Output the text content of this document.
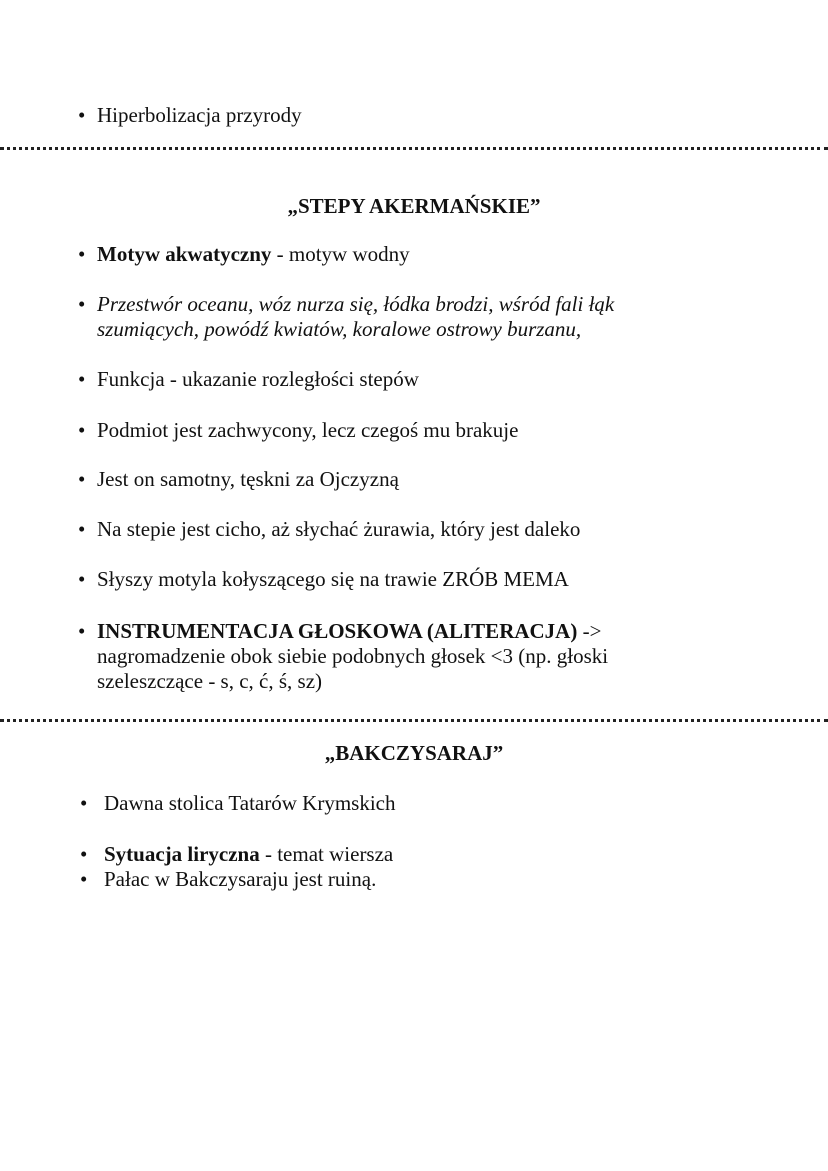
Hiperbolizacja przyrody
„STEPY AKERMAŃSKIE”
Motyw akwatyczny - motyw wodny
Przestwór oceanu, wóz nurza się, łódka brodzi, wśród fali łąk
szumiących, powódź kwiatów, koralowe ostrowy burzanu,
Funkcja - ukazanie rozległości stepów
Podmiot jest zachwycony, lecz czegoś mu brakuje
Jest on samotny, tęskni za Ojczyzną
Na stepie jest cicho, aż słychać żurawia, który jest daleko
Słyszy motyla kołyszącego się na trawie ZRÓB MEMA
INSTRUMENTACJA GŁOSKOWA (ALITERACJA) ->
nagromadzenie obok siebie podobnych głosek <3 (np. głoski
szeleszczące - s, c, ć, ś, sz)
„BAKCZYSARAJ”
Dawna stolica Tatarów Krymskich
Sytuacja liryczna - temat wiersza
Pałac w Bakczysaraju jest ruiną.
